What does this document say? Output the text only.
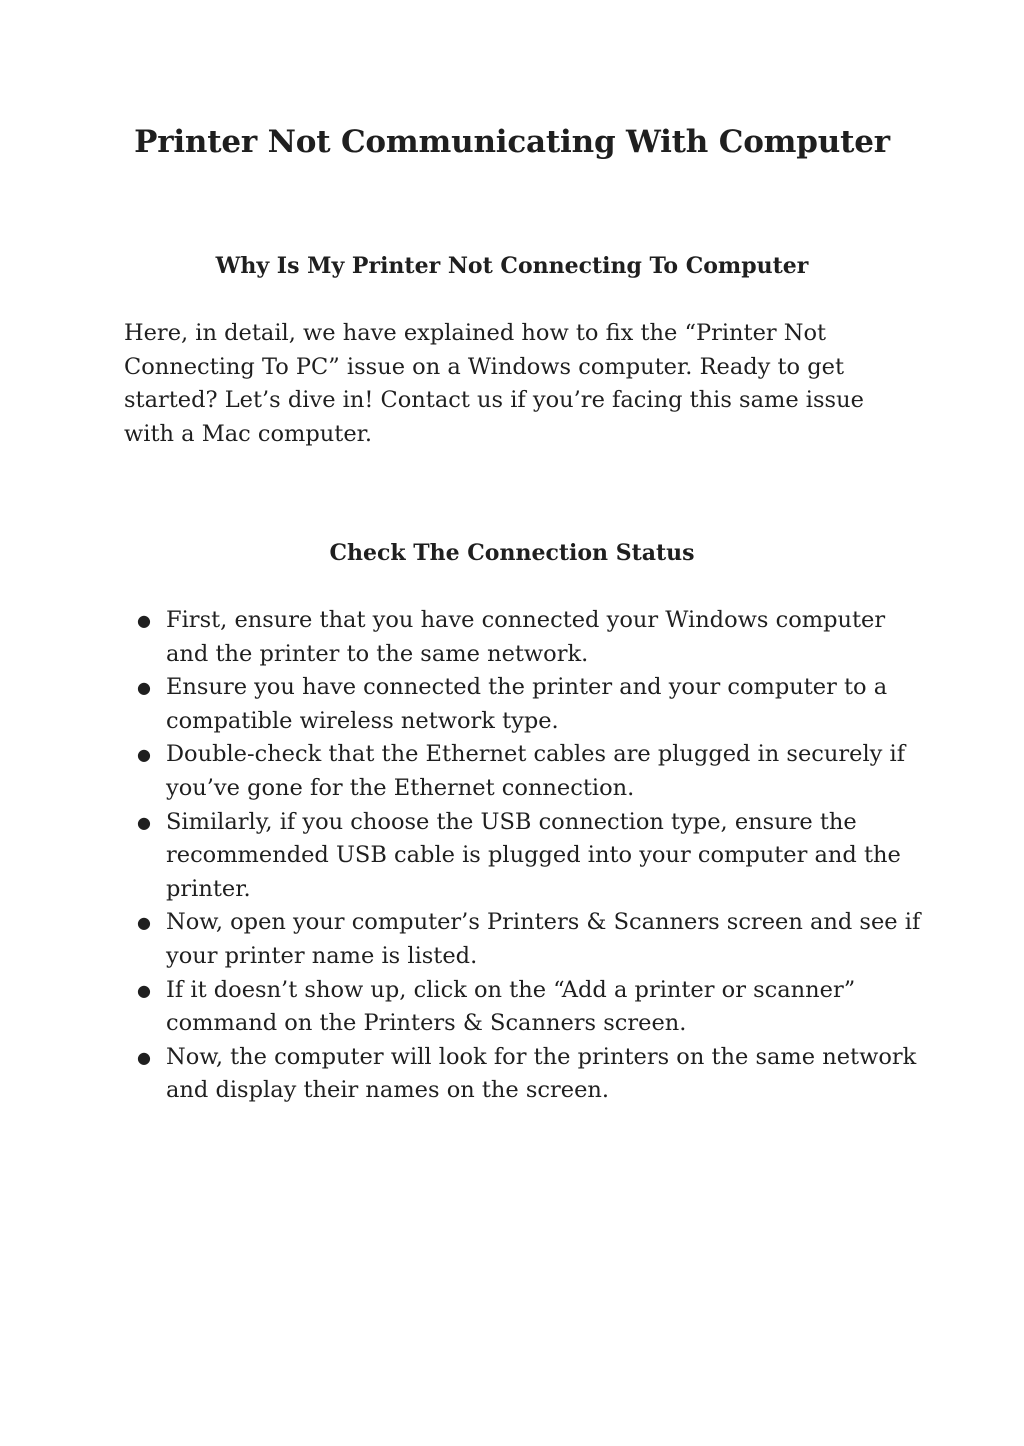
Printer Not Communicating With Computer
Why Is My Printer Not Connecting To Computer

Here, in detail, we have explained how to fix the “Printer Not Connecting To PC” issue on a Windows computer. Ready to get started? Let’s dive in! Contact us if you’re facing this same issue with a Mac computer.

Check The Connection Status
● First, ensure that you have connected your Windows computer and the printer to the same network.
● Ensure you have connected the printer and your computer to a compatible wireless network type.
● Double-check that the Ethernet cables are plugged in securely if you’ve gone for the Ethernet connection.
● Similarly, if you choose the USB connection type, ensure the recommended USB cable is plugged into your computer and the printer.
● Now, open your computer’s Printers & Scanners screen and see if your printer name is listed.
● If it doesn’t show up, click on the “Add a printer or scanner” command on the Printers & Scanners screen.
● Now, the computer will look for the printers on the same network and display their names on the screen.
